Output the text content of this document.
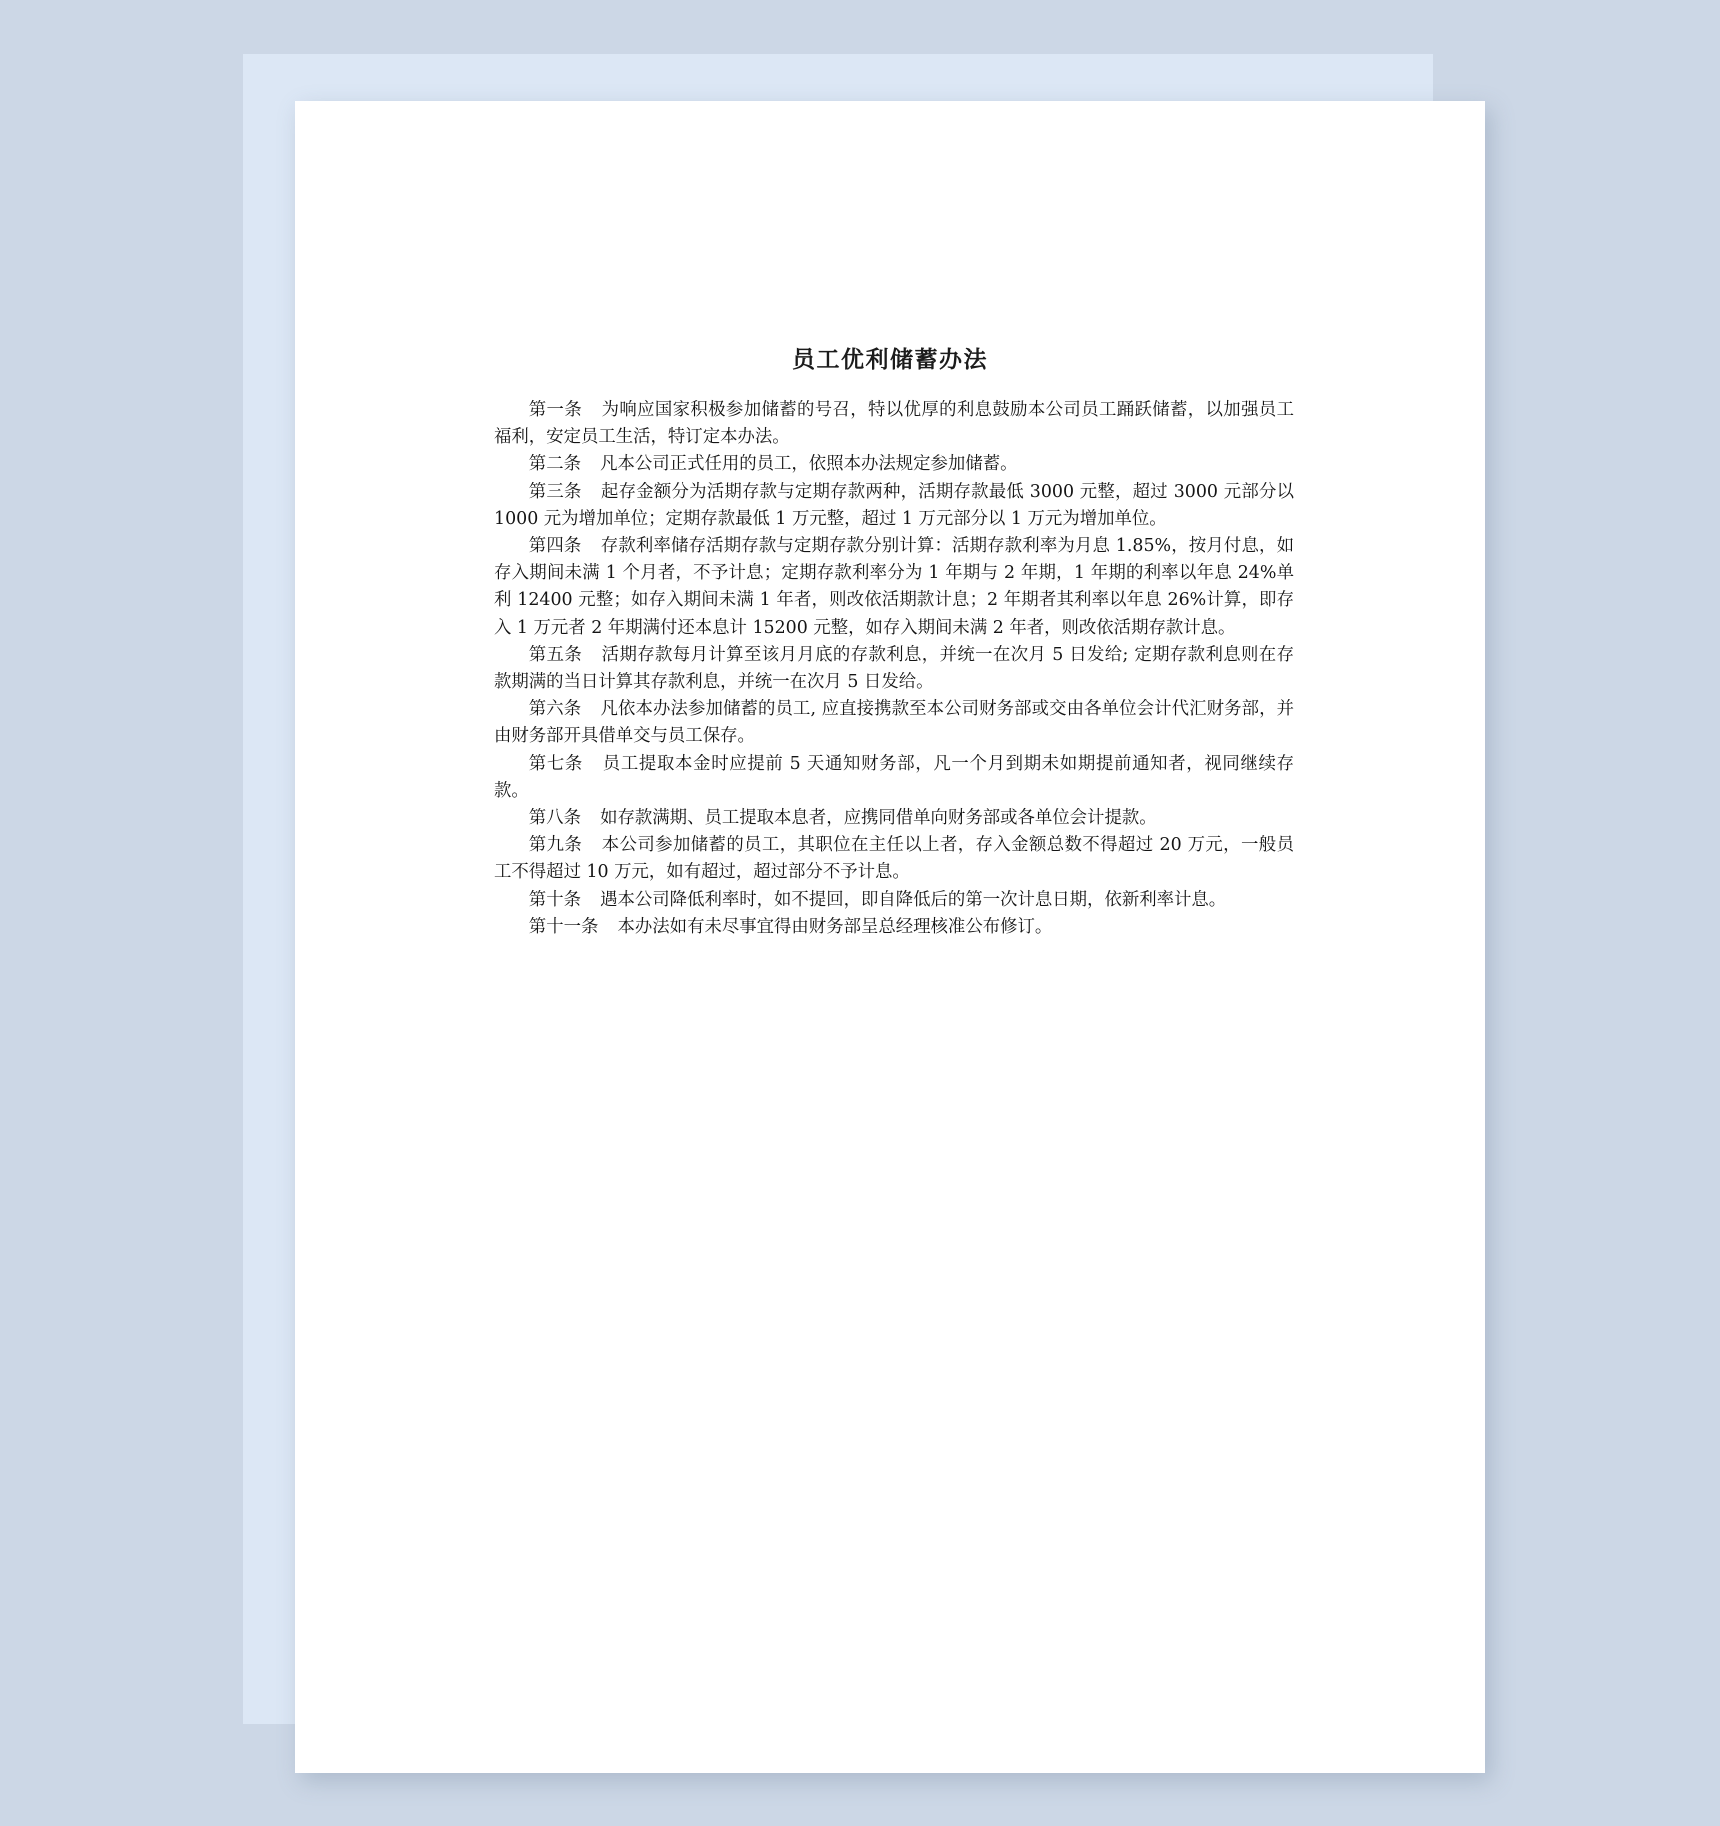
员工优利储蓄办法

第一条 为响应国家积极参加储蓄的号召，特以优厚的利息鼓励本公司员工踊跃储蓄，以加强员工福利，安定员工生活，特订定本办法。

第二条 凡本公司正式任用的员工，依照本办法规定参加储蓄。

第三条 起存金额分为活期存款与定期存款两种，活期存款最低 3000 元整，超过 3000 元部分以 1000 元为增加单位；定期存款最低 1 万元整，超过 1 万元部分以 1 万元为增加单位。

第四条 存款利率储存活期存款与定期存款分别计算：活期存款利率为月息 1.85%，按月付息，如存入期间未满 1 个月者，不予计息；定期存款利率分为 1 年期与 2 年期，1 年期的利率以年息 24%单利 12400 元整；如存入期间未满 1 年者，则改依活期款计息；2 年期者其利率以年息 26%计算，即存入 1 万元者 2 年期满付还本息计 15200 元整，如存入期间未满 2 年者，则改依活期存款计息。

第五条 活期存款每月计算至该月月底的存款利息，并统一在次月 5 日发给; 定期存款利息则在存款期满的当日计算其存款利息，并统一在次月 5 日发给。

第六条 凡依本办法参加储蓄的员工, 应直接携款至本公司财务部或交由各单位会计代汇财务部，并由财务部开具借单交与员工保存。

第七条 员工提取本金时应提前 5 天通知财务部，凡一个月到期未如期提前通知者，视同继续存款。

第八条 如存款满期、员工提取本息者，应携同借单向财务部或各单位会计提款。

第九条 本公司参加储蓄的员工，其职位在主任以上者，存入金额总数不得超过 20 万元，一般员工不得超过 10 万元，如有超过，超过部分不予计息。

第十条 遇本公司降低利率时，如不提回，即自降低后的第一次计息日期，依新利率计息。

第十一条 本办法如有未尽事宜得由财务部呈总经理核准公布修订。
